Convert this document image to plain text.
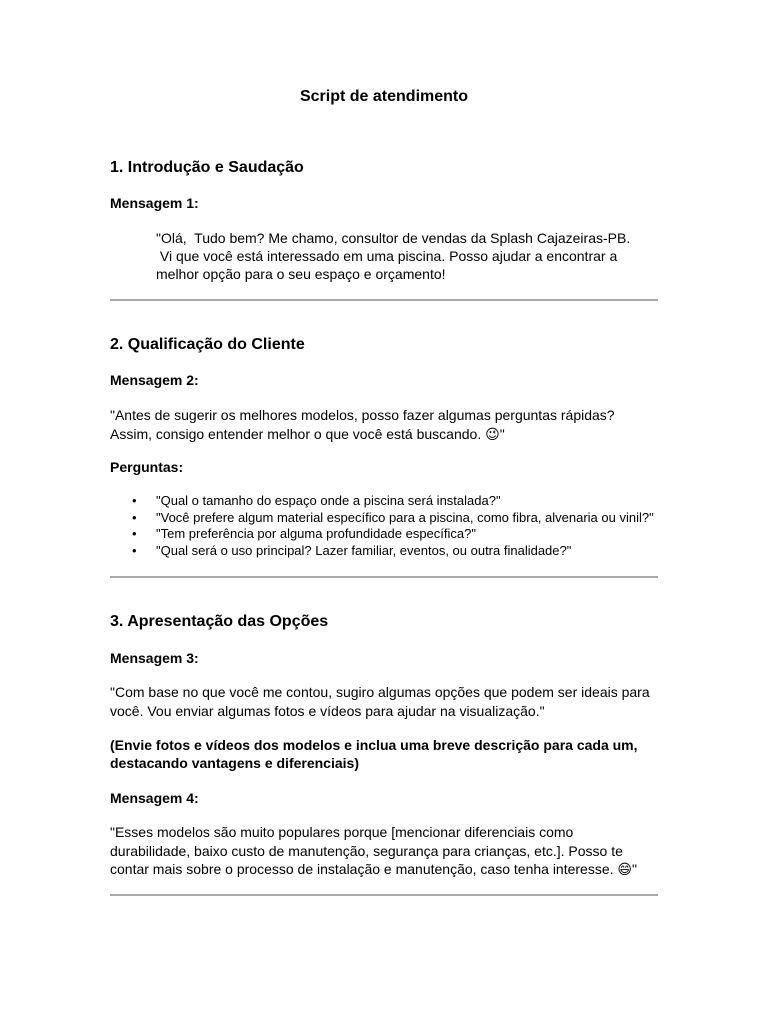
Script de atendimento
1. Introdução e Saudação
Mensagem 1:
"Olá,  Tudo bem? Me chamo, consultor de vendas da Splash Cajazeiras-PB.
Vi que você está interessado em uma piscina. Posso ajudar a encontrar a
melhor opção para o seu espaço e orçamento!
2. Qualificação do Cliente
Mensagem 2:
"Antes de sugerir os melhores modelos, posso fazer algumas perguntas rápidas?
Assim, consigo entender melhor o que você está buscando. 😉"
Perguntas:
• "Qual o tamanho do espaço onde a piscina será instalada?"
• "Você prefere algum material específico para a piscina, como fibra, alvenaria ou vinil?"
• "Tem preferência por alguma profundidade específica?"
• "Qual será o uso principal? Lazer familiar, eventos, ou outra finalidade?"
3. Apresentação das Opções
Mensagem 3:
"Com base no que você me contou, sugiro algumas opções que podem ser ideais para
você. Vou enviar algumas fotos e vídeos para ajudar na visualização."
(Envie fotos e vídeos dos modelos e inclua uma breve descrição para cada um,
destacando vantagens e diferenciais)
Mensagem 4:
"Esses modelos são muito populares porque [mencionar diferenciais como
durabilidade, baixo custo de manutenção, segurança para crianças, etc.]. Posso te
contar mais sobre o processo de instalação e manutenção, caso tenha interesse. 😄"
